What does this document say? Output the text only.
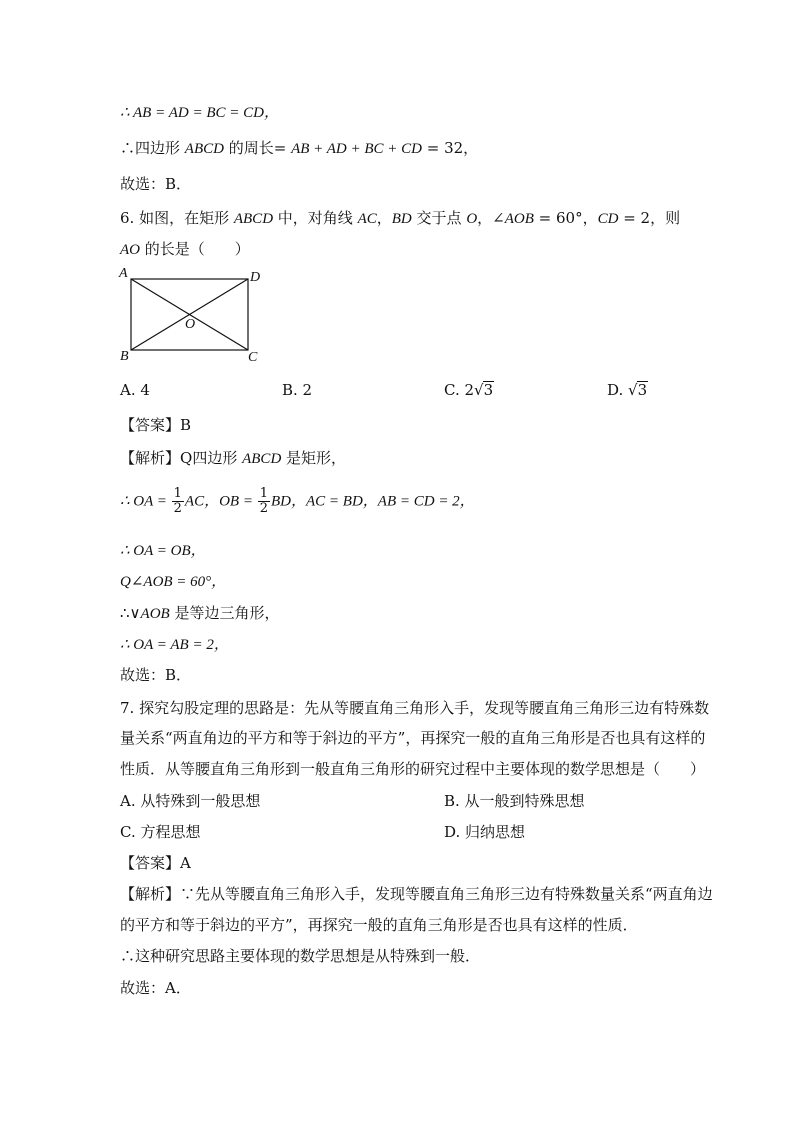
∴ AB = AD = BC = CD，
∴四边形 ABCD 的周长= AB + AD + BC + CD = 32，
故选：B．
6. 如图，在矩形 ABCD 中，对角线 AC，BD 交于点 O，∠AOB = 60°，CD = 2，则
AO 的长是（　　）
A	D
B	C
O
A. 4	B. 2	C. 2√3	D. √3
【答案】B
【解析】Q四边形 ABCD 是矩形，
∴ OA = $\frac{1}{2}$ AC，OB = $\frac{1}{2}$ BD，AC = BD，AB = CD = 2，
∴ OA = OB，
Q∠AOB = 60°，
∴∨AOB 是等边三角形，
∴ OA = AB = 2，
故选：B．
7. 探究勾股定理的思路是：先从等腰直角三角形入手，发现等腰直角三角形三边有特殊数
量关系“两直角边的平方和等于斜边的平方”，再探究一般的直角三角形是否也具有这样的
性质．从等腰直角三角形到一般直角三角形的研究过程中主要体现的数学思想是（　　）
A. 从特殊到一般思想	B. 从一般到特殊思想
C. 方程思想	D. 归纳思想
【答案】A
【解析】∵先从等腰直角三角形入手，发现等腰直角三角形三边有特殊数量关系“两直角边
的平方和等于斜边的平方”，再探究一般的直角三角形是否也具有这样的性质．
∴这种研究思路主要体现的数学思想是从特殊到一般．
故选：A．
